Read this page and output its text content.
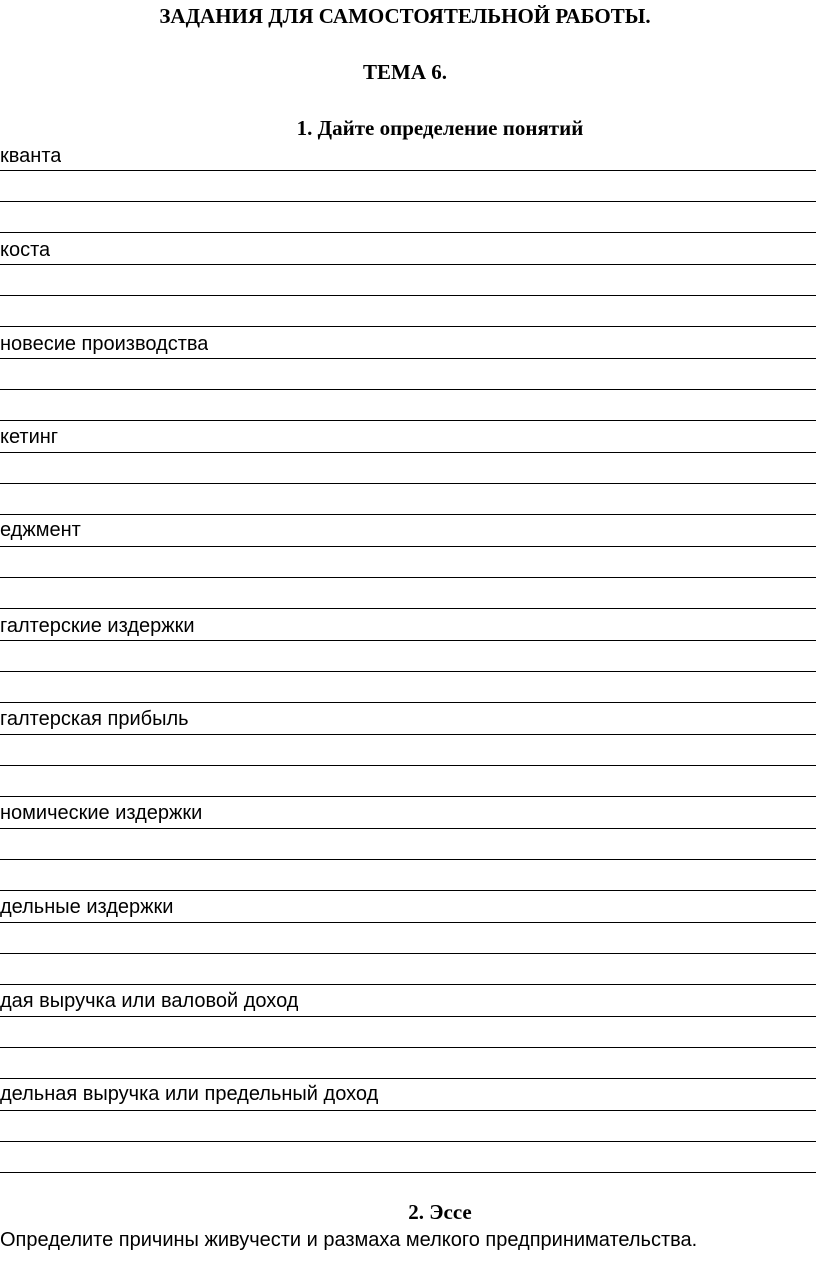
ЗАДАНИЯ ДЛЯ САМОСТОЯТЕЛЬНОЙ РАБОТЫ.
ТЕМА 6.
1. Дайте определение понятий
кванта
коста
новесие производства
кетинг
еджмент
галтерские издержки
галтерская прибыль
номические издержки
дельные издержки
дая выручка или валовой доход
дельная выручка или предельный доход
2. Эссе
Определите причины живучести и размаха мелкого предпринимательства.
